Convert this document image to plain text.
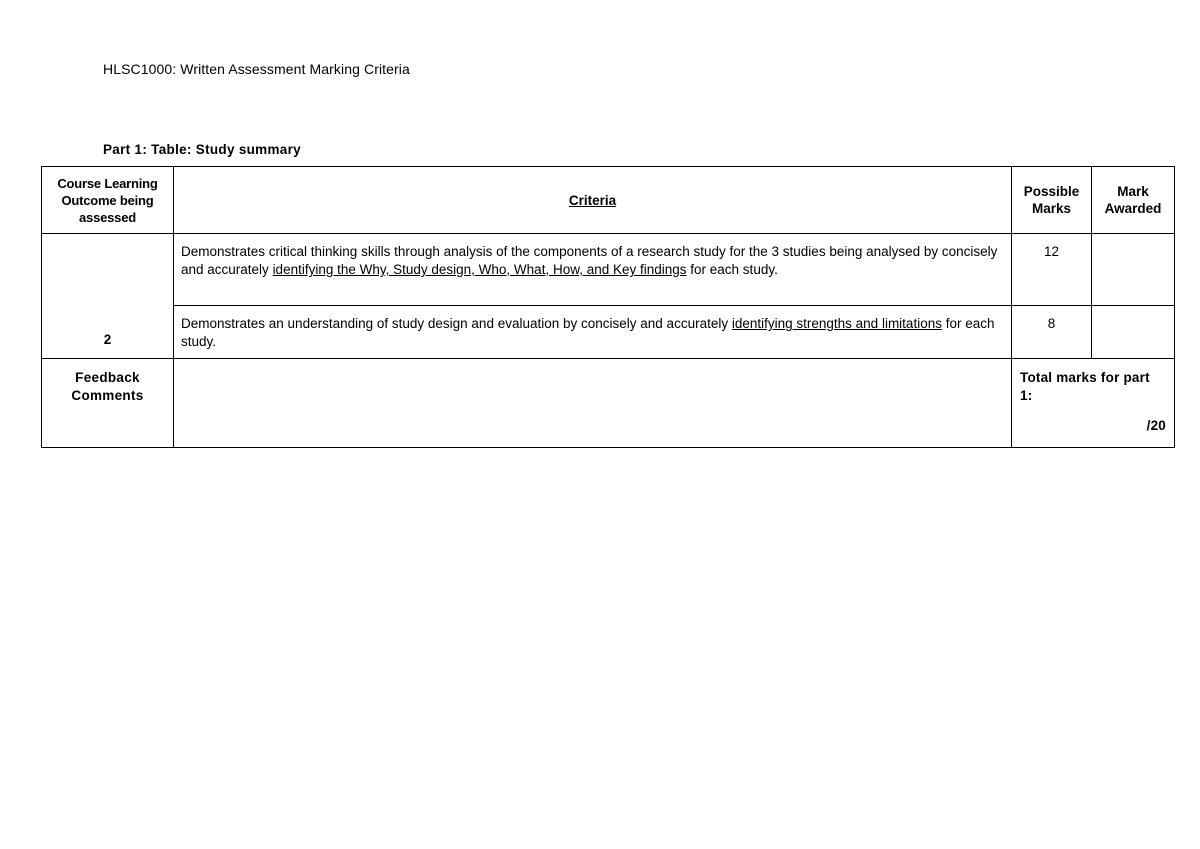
HLSC1000: Written Assessment Marking Criteria
Part 1: Table: Study summary
Course Learning Outcome being assessed	Criteria	Possible Marks	Mark Awarded

2	Demonstrates critical thinking skills through analysis of the components of a research study for the 3 studies being analysed by concisely and accurately identifying the Why, Study design, Who, What, How, and Key findings for each study.	12	
	Demonstrates an understanding of study design and evaluation by concisely and accurately identifying strengths and limitations for each study.	8	
Feedback Comments		Total marks for part 1:
/20	
